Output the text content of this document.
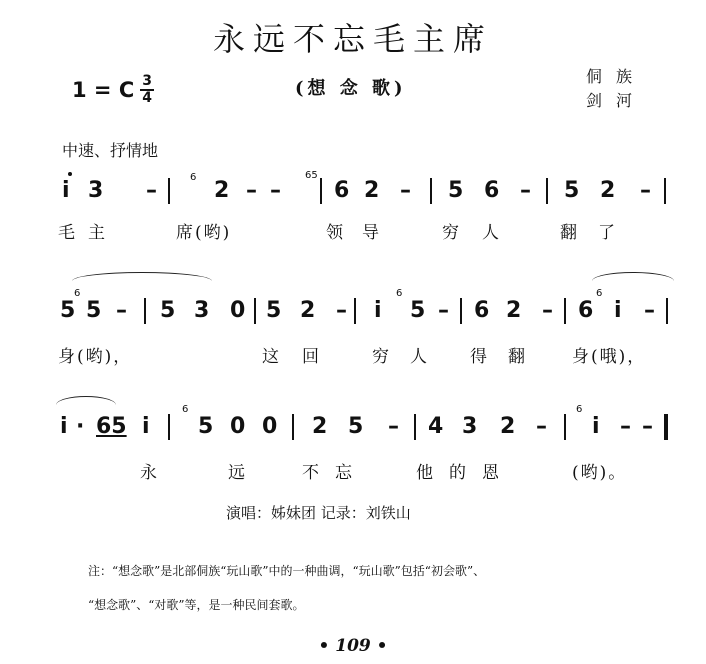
永远不忘毛主席
1 = C $\frac{3}{4}$	(想 念 歌)
侗族
剑河
中速、抒情地
65
i 3 –
6
2 – – 6 2 – 5 6 – 5 2 –
毛 主	席(哟)	领 导	穷 人	翻 了
5
6
5 – 5 3 0 5 2 – i
6
5 – 6 2 – 6
6
i –
身(哟)，	这 回	穷 人 得 翻	身(哦)，
i · 65 i
6
5 0 0 2 5 – 4 3 2 –
6
i – –
永	远	不忘	他的恩	(哟)。
演唱：姊妹团 记录：刘铁山
注：“想念歌”是北部侗族“玩山歌”中的一种曲调，“玩山歌”包括“初会歌”、
“想念歌”、“对歌”等，是一种民间套歌。
• 109 •
